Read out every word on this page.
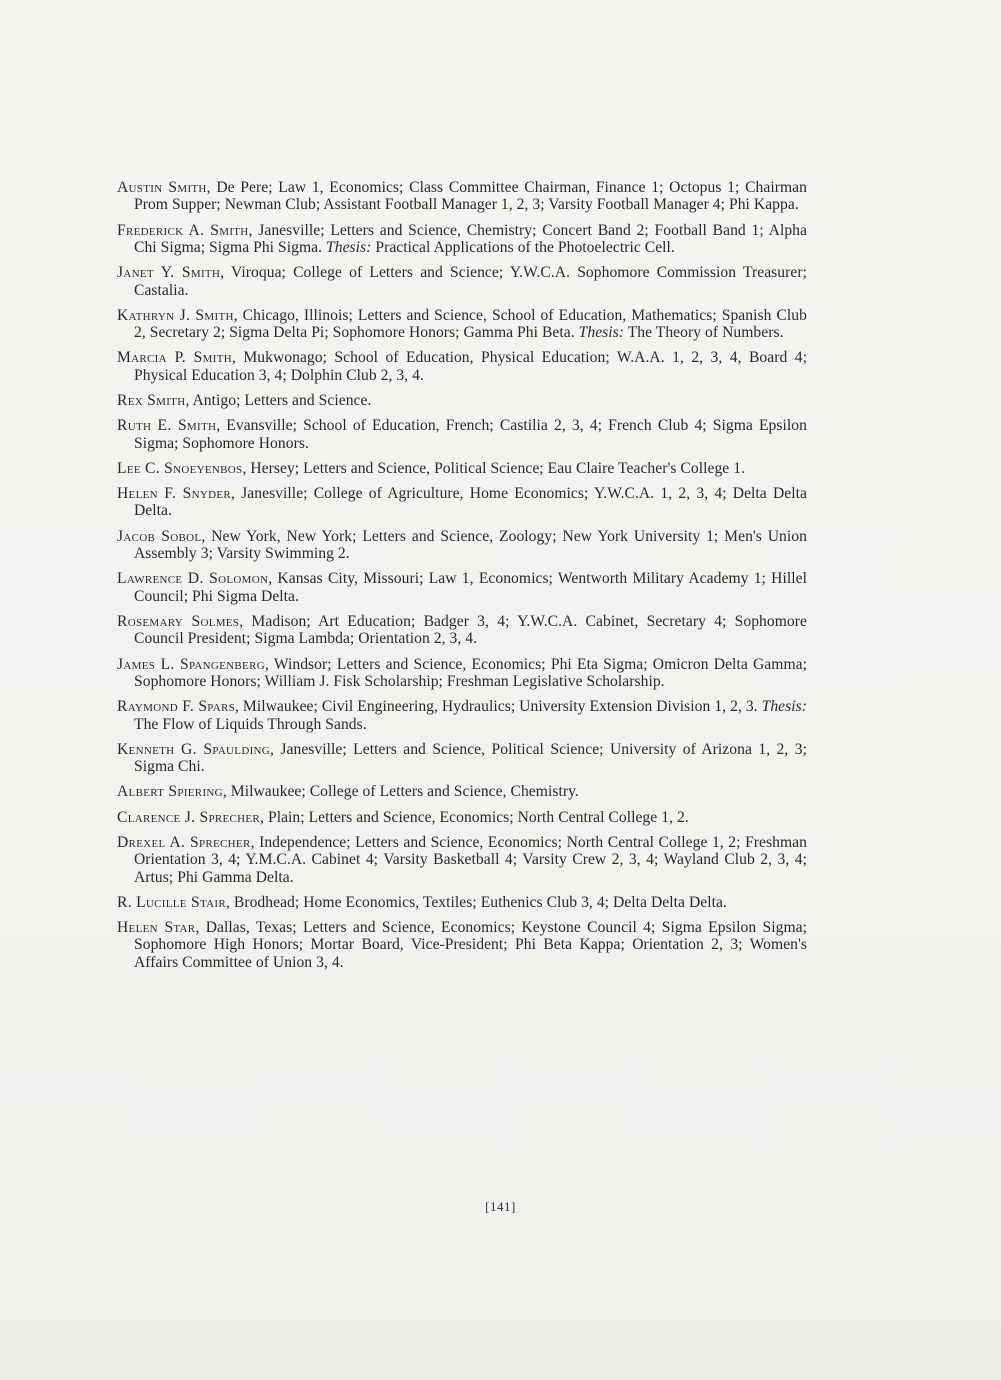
Austin Smith, De Pere; Law 1, Economics; Class Committee Chairman, Finance 1; Octopus 1; Chairman Prom Supper; Newman Club; Assistant Football Manager 1, 2, 3; Varsity Football Manager 4; Phi Kappa.

Frederick A. Smith, Janesville; Letters and Science, Chemistry; Concert Band 2; Football Band 1; Alpha Chi Sigma; Sigma Phi Sigma. Thesis: Practical Applications of the Photoelectric Cell.

Janet Y. Smith, Viroqua; College of Letters and Science; Y.W.C.A. Sophomore Commission Treasurer; Castalia.

Kathryn J. Smith, Chicago, Illinois; Letters and Science, School of Education, Mathematics; Spanish Club 2, Secretary 2; Sigma Delta Pi; Sophomore Honors; Gamma Phi Beta. Thesis: The Theory of Numbers.

Marcia P. Smith, Mukwonago; School of Education, Physical Education; W.A.A. 1, 2, 3, 4, Board 4; Physical Education 3, 4; Dolphin Club 2, 3, 4.

Rex Smith, Antigo; Letters and Science.

Ruth E. Smith, Evansville; School of Education, French; Castilia 2, 3, 4; French Club 4; Sigma Epsilon Sigma; Sophomore Honors.

Lee C. Snoeyenbos, Hersey; Letters and Science, Political Science; Eau Claire Teacher's College 1.

Helen F. Snyder, Janesville; College of Agriculture, Home Economics; Y.W.C.A. 1, 2, 3, 4; Delta Delta Delta.

Jacob Sobol, New York, New York; Letters and Science, Zoology; New York University 1; Men's Union Assembly 3; Varsity Swimming 2.

Lawrence D. Solomon, Kansas City, Missouri; Law 1, Economics; Wentworth Military Academy 1; Hillel Council; Phi Sigma Delta.

Rosemary Solmes, Madison; Art Education; Badger 3, 4; Y.W.C.A. Cabinet, Secretary 4; Sophomore Council President; Sigma Lambda; Orientation 2, 3, 4.

James L. Spangenberg, Windsor; Letters and Science, Economics; Phi Eta Sigma; Omicron Delta Gamma; Sophomore Honors; William J. Fisk Scholarship; Freshman Legislative Scholarship.

Raymond F. Spars, Milwaukee; Civil Engineering, Hydraulics; University Extension Division 1, 2, 3. Thesis: The Flow of Liquids Through Sands.

Kenneth G. Spaulding, Janesville; Letters and Science, Political Science; University of Arizona 1, 2, 3; Sigma Chi.

Albert Spiering, Milwaukee; College of Letters and Science, Chemistry.

Clarence J. Sprecher, Plain; Letters and Science, Economics; North Central College 1, 2.

Drexel A. Sprecher, Independence; Letters and Science, Economics; North Central College 1, 2; Freshman Orientation 3, 4; Y.M.C.A. Cabinet 4; Varsity Basketball 4; Varsity Crew 2, 3, 4; Wayland Club 2, 3, 4; Artus; Phi Gamma Delta.

R. Lucille Stair, Brodhead; Home Economics, Textiles; Euthenics Club 3, 4; Delta Delta Delta.

Helen Star, Dallas, Texas; Letters and Science, Economics; Keystone Council 4; Sigma Epsilon Sigma; Sophomore High Honors; Mortar Board, Vice-President; Phi Beta Kappa; Orientation 2, 3; Women's Affairs Committee of Union 3, 4.

[141]
